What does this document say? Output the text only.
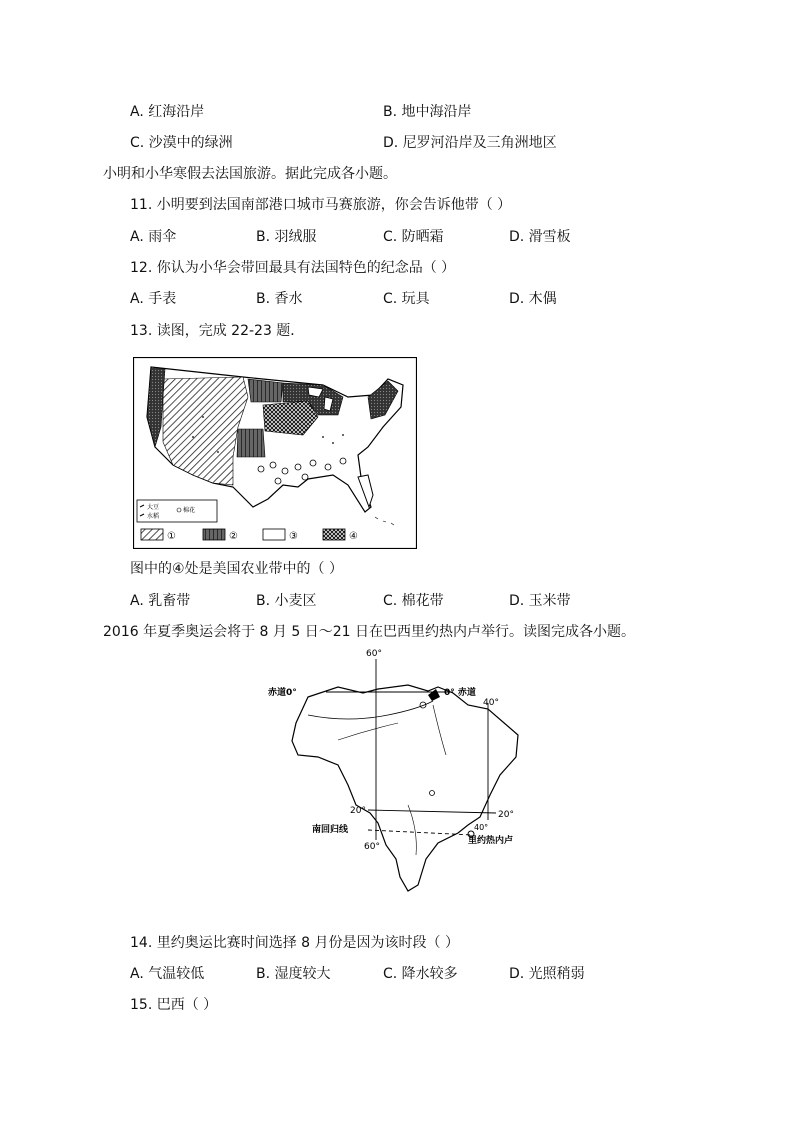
A. 红海沿岸	B. 地中海沿岸
C. 沙漠中的绿洲	D. 尼罗河沿岸及三角洲地区
小明和小华寒假去法国旅游。据此完成各小题。
11. 小明要到法国南部港口城市马赛旅游，你会告诉他带（ ）
A. 雨伞	B. 羽绒服	C. 防晒霜	D. 滑雪板
12. 你认为小华会带回最具有法国特色的纪念品（ ）
A. 手表	B. 香水	C. 玩具	D. 木偶
13. 读图，完成 22-23 题．
大豆
水稻
棉花
①	②	③	④
图中的④处是美国农业带中的（ ）
A. 乳畜带	B. 小麦区	C. 棉花带	D. 玉米带
2016 年夏季奥运会将于 8 月 5 日～21 日在巴西里约热内卢举行。读图完成各小题。
60°
赤道0°	0° 赤道
40°
20°	20°
南回归线	40°
里约热内卢
60°
14. 里约奥运比赛时间选择 8 月份是因为该时段（ ）
A. 气温较低	B. 湿度较大	C. 降水较多	D. 光照稍弱
15. 巴西（ ）
